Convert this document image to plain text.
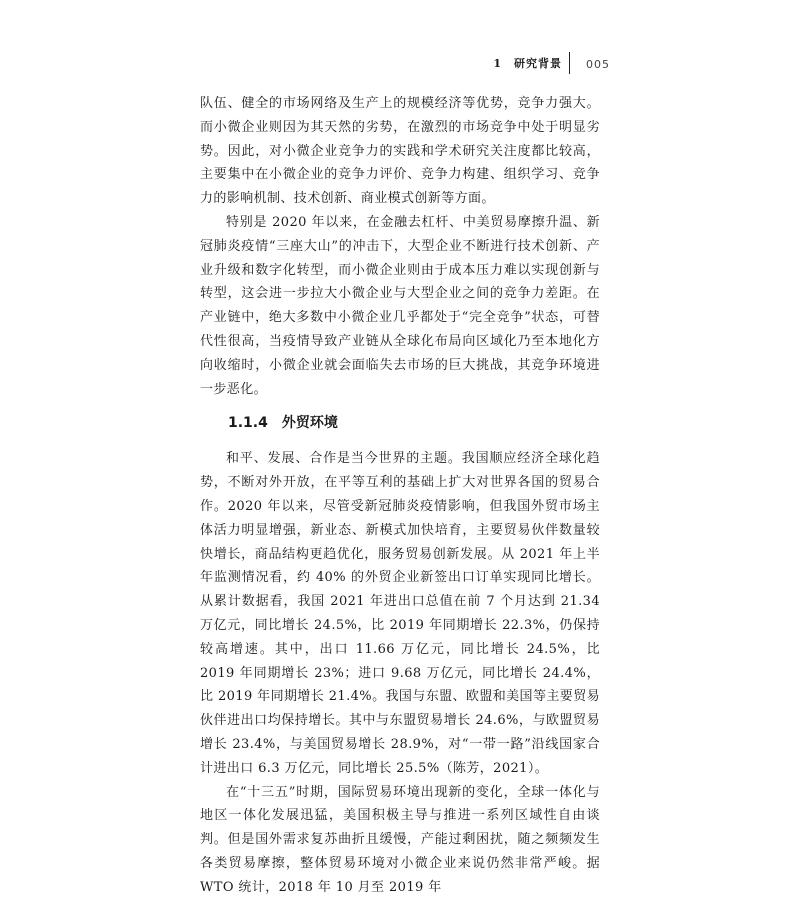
1　研究背景 005

队伍、健全的市场网络及生产上的规模经济等优势，竞争力强大。而小微企业则因为其天然的劣势，在激烈的市场竞争中处于明显劣势。因此，对小微企业竞争力的实践和学术研究关注度都比较高，主要集中在小微企业的竞争力评价、竞争力构建、组织学习、竞争力的影响机制、技术创新、商业模式创新等方面。

特别是 2020 年以来，在金融去杠杆、中美贸易摩擦升温、新冠肺炎疫情“三座大山”的冲击下，大型企业不断进行技术创新、产业升级和数字化转型，而小微企业则由于成本压力难以实现创新与转型，这会进一步拉大小微企业与大型企业之间的竞争力差距。在产业链中，绝大多数中小微企业几乎都处于“完全竞争”状态，可替代性很高，当疫情导致产业链从全球化布局向区域化乃至本地化方向收缩时，小微企业就会面临失去市场的巨大挑战，其竞争环境进一步恶化。

1.1.4 外贸环境

和平、发展、合作是当今世界的主题。我国顺应经济全球化趋势，不断对外开放，在平等互利的基础上扩大对世界各国的贸易合作。2020 年以来，尽管受新冠肺炎疫情影响，但我国外贸市场主体活力明显增强，新业态、新模式加快培育，主要贸易伙伴数量较快增长，商品结构更趋优化，服务贸易创新发展。从 2021 年上半年监测情况看，约 40% 的外贸企业新签出口订单实现同比增长。从累计数据看，我国 2021 年进出口总值在前 7 个月达到 21.34 万亿元，同比增长 24.5%，比 2019 年同期增长 22.3%，仍保持较高增速。其中，出口 11.66 万亿元，同比增长 24.5%，比 2019 年同期增长 23%；进口 9.68 万亿元，同比增长 24.4%，比 2019 年同期增长 21.4%。我国与东盟、欧盟和美国等主要贸易伙伴进出口均保持增长。其中与东盟贸易增长 24.6%，与欧盟贸易增长 23.4%，与美国贸易增长 28.9%，对“一带一路”沿线国家合计进出口 6.3 万亿元，同比增长 25.5%（陈芳，2021）。

在“十三五”时期，国际贸易环境出现新的变化，全球一体化与地区一体化发展迅猛，美国积极主导与推进一系列区域性自由谈判。但是国外需求复苏曲折且缓慢，产能过剩困扰，随之频频发生各类贸易摩擦，整体贸易环境对小微企业来说仍然非常严峻。据 WTO 统计，2018 年 10 月至 2019 年
